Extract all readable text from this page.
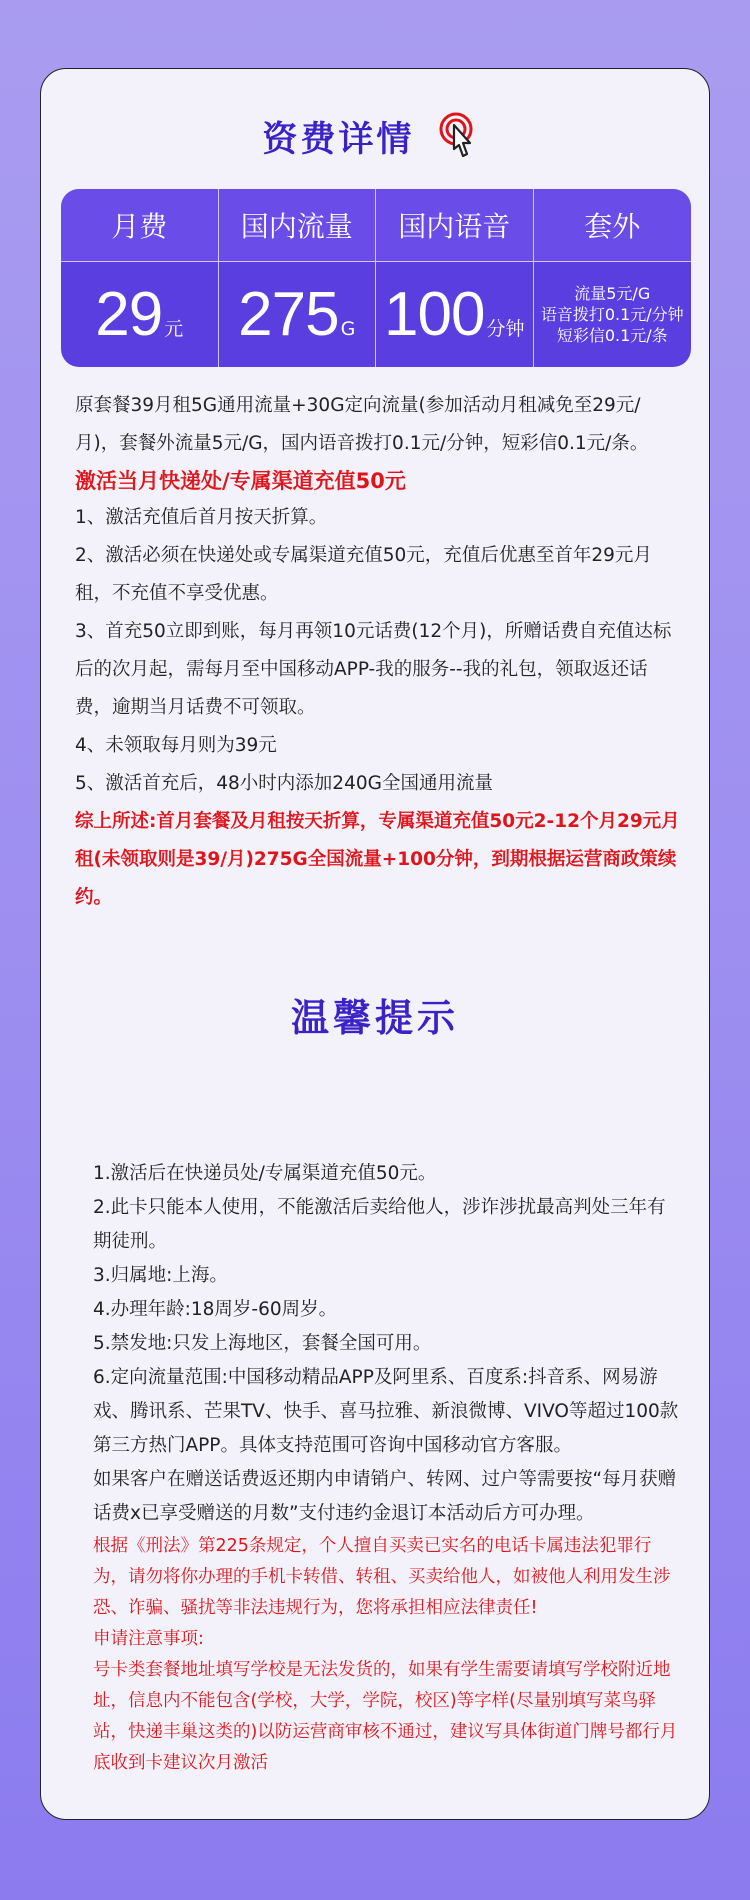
资费详情
月费	国内流量	国内语音	套外
29 元	275 G	100 分钟	流量5元/G
语音拨打0.1元/分钟
短彩信0.1元/条

原套餐39月租5G通用流量+30G定向流量(参加活动月租减免至29元/月)，套餐外流量5元/G，国内语音拨打0.1元/分钟，短彩信0.1元/条。

激活当月快递处/专属渠道充值50元

1、激活充值后首月按天折算。

2、激活必须在快递处或专属渠道充值50元，充值后优惠至首年29元月租，不充值不享受优惠。

3、首充50立即到账，每月再领10元话费(12个月)，所赠话费自充值达标后的次月起，需每月至中国移动APP-我的服务--我的礼包，领取返还话费，逾期当月话费不可领取。

4、未领取每月则为39元

5、激活首充后，48小时内添加240G全国通用流量

综上所述:首月套餐及月租按天折算，专属渠道充值50元2-12个月29元月租(未领取则是39/月)275G全国流量+100分钟，到期根据运营商政策续约。

温馨提示

1.激活后在快递员处/专属渠道充值50元。

2.此卡只能本人使用，不能激活后卖给他人，涉诈涉扰最高判处三年有期徒刑。

3.归属地:上海。

4.办理年龄:18周岁-60周岁。

5.禁发地:只发上海地区，套餐全国可用。

6.定向流量范围:中国移动精品APP及阿里系、百度系:抖音系、网易游戏、腾讯系、芒果TV、快手、喜马拉雅、新浪微博、VIVO等超过100款第三方热门APP。具体支持范围可咨询中国移动官方客服。

如果客户在赠送话费返还期内申请销户、转网、过户等需要按“每月获赠话费x已享受赠送的月数”支付违约金退订本活动后方可办理。

根据《刑法》第225条规定，个人擅自买卖已实名的电话卡属违法犯罪行为，请勿将你办理的手机卡转借、转租、买卖给他人，如被他人利用发生涉恐、诈骗、骚扰等非法违规行为，您将承担相应法律责任!

申请注意事项:

号卡类套餐地址填写学校是无法发货的，如果有学生需要请填写学校附近地址，信息内不能包含(学校，大学，学院，校区)等字样(尽量别填写菜鸟驿站，快递丰巢这类的)以防运营商审核不通过，建议写具体街道门牌号都行月底收到卡建议次月激活
